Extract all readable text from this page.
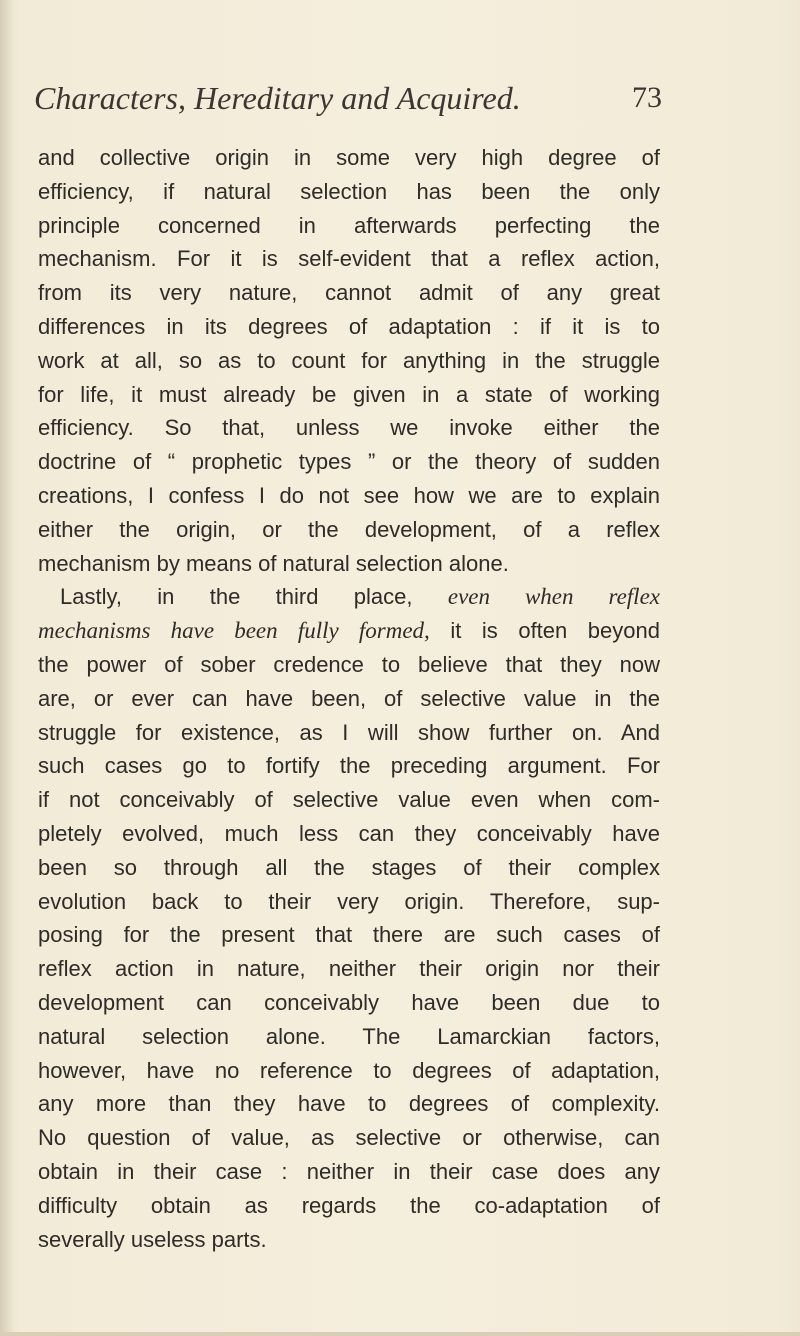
Characters, Hereditary and Acquired.	73
and collective origin in some very high degree of
efficiency, if natural selection has been the only
principle concerned in afterwards perfecting the
mechanism. For it is self-evident that a reflex action,
from its very nature, cannot admit of any great
differences in its degrees of adaptation : if it is to
work at all, so as to count for anything in the struggle
for life, it must already be given in a state of working
efficiency. So that, unless we invoke either the
doctrine of “ prophetic types ” or the theory of sudden
creations, I confess I do not see how we are to explain
either the origin, or the development, of a reflex
mechanism by means of natural selection alone.
Lastly, in the third place, even when reflex
mechanisms have been fully formed, it is often beyond
the power of sober credence to believe that they now
are, or ever can have been, of selective value in the
struggle for existence, as I will show further on. And
such cases go to fortify the preceding argument. For
if not conceivably of selective value even when com-
pletely evolved, much less can they conceivably have
been so through all the stages of their complex
evolution back to their very origin. Therefore, sup-
posing for the present that there are such cases of
reflex action in nature, neither their origin nor their
development can conceivably have been due to
natural selection alone. The Lamarckian factors,
however, have no reference to degrees of adaptation,
any more than they have to degrees of complexity.
No question of value, as selective or otherwise, can
obtain in their case : neither in their case does any
difficulty obtain as regards the co-adaptation of
severally useless parts.
